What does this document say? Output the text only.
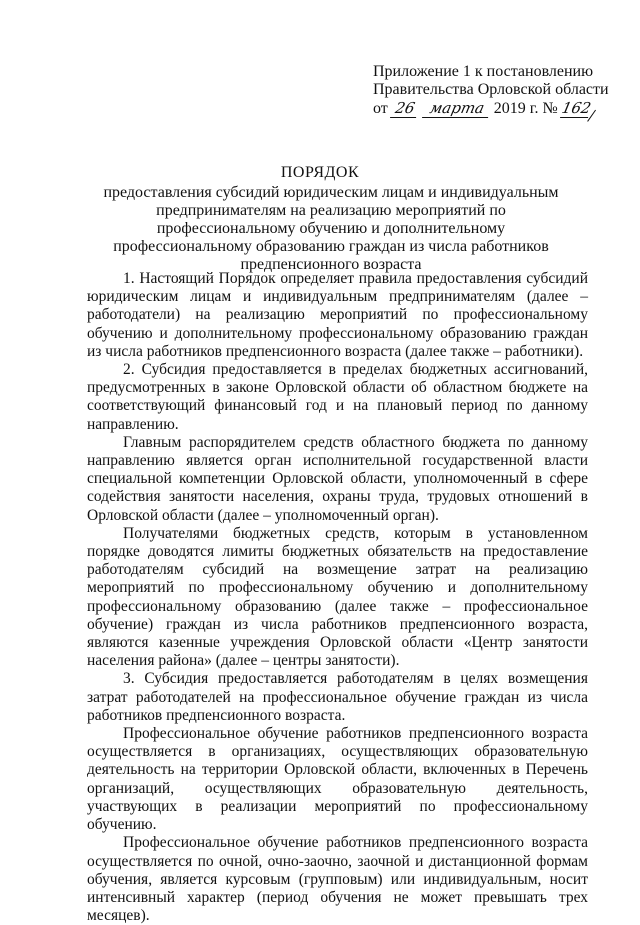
Приложение 1 к постановлению
Правительства Орловской области
от 26 марта 2019 г. № 162
ПОРЯДОК
предоставления субсидий юридическим лицам и индивидуальным предпринимателям на реализацию мероприятий по профессиональному обучению и дополнительному профессиональному образованию граждан из числа работников предпенсионного возраста

1. Настоящий Порядок определяет правила предоставления субсидий юридическим лицам и индивидуальным предпринимателям (далее – работодатели) на реализацию мероприятий по профессиональному обучению и дополнительному профессиональному образованию граждан из числа работников предпенсионного возраста (далее также – работники).

2. Субсидия предоставляется в пределах бюджетных ассигнований, предусмотренных в законе Орловской области об областном бюджете на соответствующий финансовый год и на плановый период по данному направлению.

Главным распорядителем средств областного бюджета по данному направлению является орган исполнительной государственной власти специальной компетенции Орловской области, уполномоченный в сфере содействия занятости населения, охраны труда, трудовых отношений в Орловской области (далее – уполномоченный орган).

Получателями бюджетных средств, которым в установленном порядке доводятся лимиты бюджетных обязательств на предоставление работодателям субсидий на возмещение затрат на реализацию мероприятий по профессиональному обучению и дополнительному профессиональному образованию (далее также – профессиональное обучение) граждан из числа работников предпенсионного возраста, являются казенные учреждения Орловской области «Центр занятости населения района» (далее – центры занятости).

3. Субсидия предоставляется работодателям в целях возмещения затрат работодателей на профессиональное обучение граждан из числа работников предпенсионного возраста.

Профессиональное обучение работников предпенсионного возраста осуществляется в организациях, осуществляющих образовательную деятельность на территории Орловской области, включенных в Перечень организаций, осуществляющих образовательную деятельность, участвующих в реализации мероприятий по профессиональному обучению.

Профессиональное обучение работников предпенсионного возраста осуществляется по очной, очно-заочно, заочной и дистанционной формам обучения, является курсовым (групповым) или индивидуальным, носит интенсивный характер (период обучения не может превышать трех месяцев).
